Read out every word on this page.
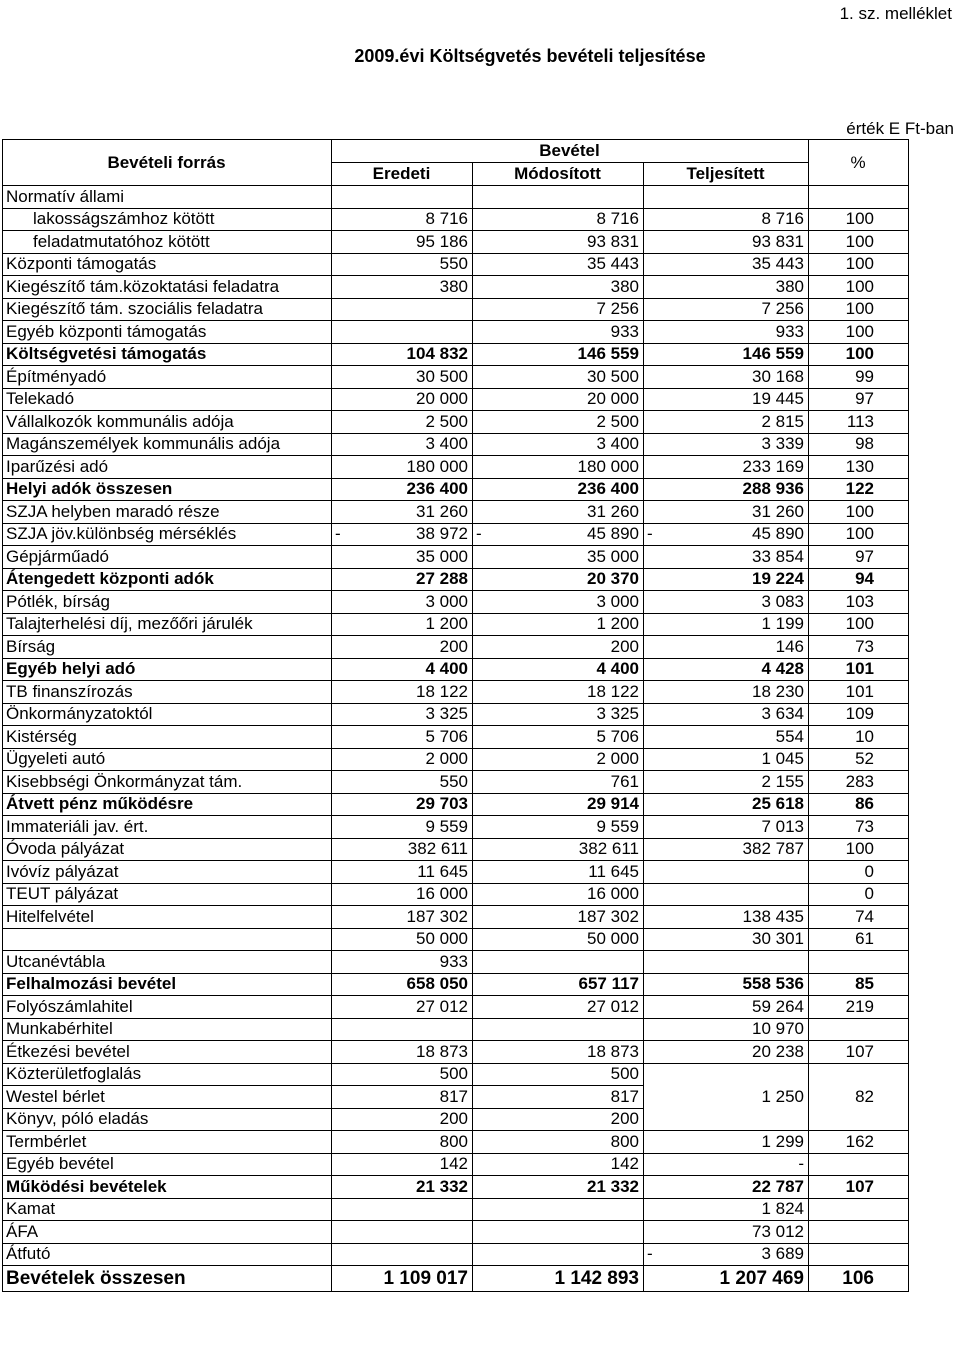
1. sz. melléklet
2009.évi Költségvetés bevételi teljesítése
érték E Ft-ban
Bevételi forrás	Bevétel			%
	Eredeti	Módosított	Teljesített	
Normatív állami				
lakosságszámhoz kötött	8 716	8 716	8 716	100
feladatmutatóhoz kötött	95 186	93 831	93 831	100
Központi támogatás	550	35 443	35 443	100
Kiegészítő tám.közoktatási feladatra	380	380	380	100
Kiegészítő tám. szociális feladatra		7 256	7 256	100
Egyéb központi támogatás		933	933	100
Költségvetési támogatás	104 832	146 559	146 559	100
Építményadó	30 500	30 500	30 168	99
Telekadó	20 000	20 000	19 445	97
Vállalkozók kommunális adója	2 500	2 500	2 815	113
Magánszemélyek kommunális adója	3 400	3 400	3 339	98
Iparűzési adó	180 000	180 000	233 169	130
Helyi adók összesen	236 400	236 400	288 936	122
SZJA helyben maradó része	31 260	31 260	31 260	100
SZJA jöv.különbség mérséklés	- 38 972	- 45 890	- 45 890	100
Gépjárműadó	35 000	35 000	33 854	97
Átengedett központi adók	27 288	20 370	19 224	94
Pótlék, bírság	3 000	3 000	3 083	103
Talajterhelési díj, mezőőri járulék	1 200	1 200	1 199	100
Bírság	200	200	146	73
Egyéb helyi adó	4 400	4 400	4 428	101
TB finanszírozás	18 122	18 122	18 230	101
Önkormányzatoktól	3 325	3 325	3 634	109
Kistérség	5 706	5 706	554	10
Ügyeleti autó	2 000	2 000	1 045	52
Kisebbségi Önkormányzat tám.	550	761	2 155	283
Átvett pénz működésre	29 703	29 914	25 618	86
Immateriáli jav. ért.	9 559	9 559	7 013	73
Óvoda pályázat	382 611	382 611	382 787	100
Ivóvíz pályázat	11 645	11 645		0
TEUT pályázat	16 000	16 000		0
Hitelfelvétel	187 302	187 302	138 435	74
	50 000	50 000	30 301	61
Utcanévtábla	933			
Felhalmozási bevétel	658 050	657 117	558 536	85
Folyószámlahitel	27 012	27 012	59 264	219
Munkabérhitel			10 970	
Étkezési bevétel	18 873	18 873	20 238	107
Közterületfoglalás	500	500		
Westel bérlet	817	817	1 250	82
Könyv, póló eladás	200	200		
Termbérlet	800	800	1 299	162
Egyéb bevétel	142	142	-	
Működési bevételek	21 332	21 332	22 787	107
Kamat			1 824	
ÁFA			73 012	
Átfutó			- 3 689	
Bevételek összesen	1 109 017	1 142 893	1 207 469	106
